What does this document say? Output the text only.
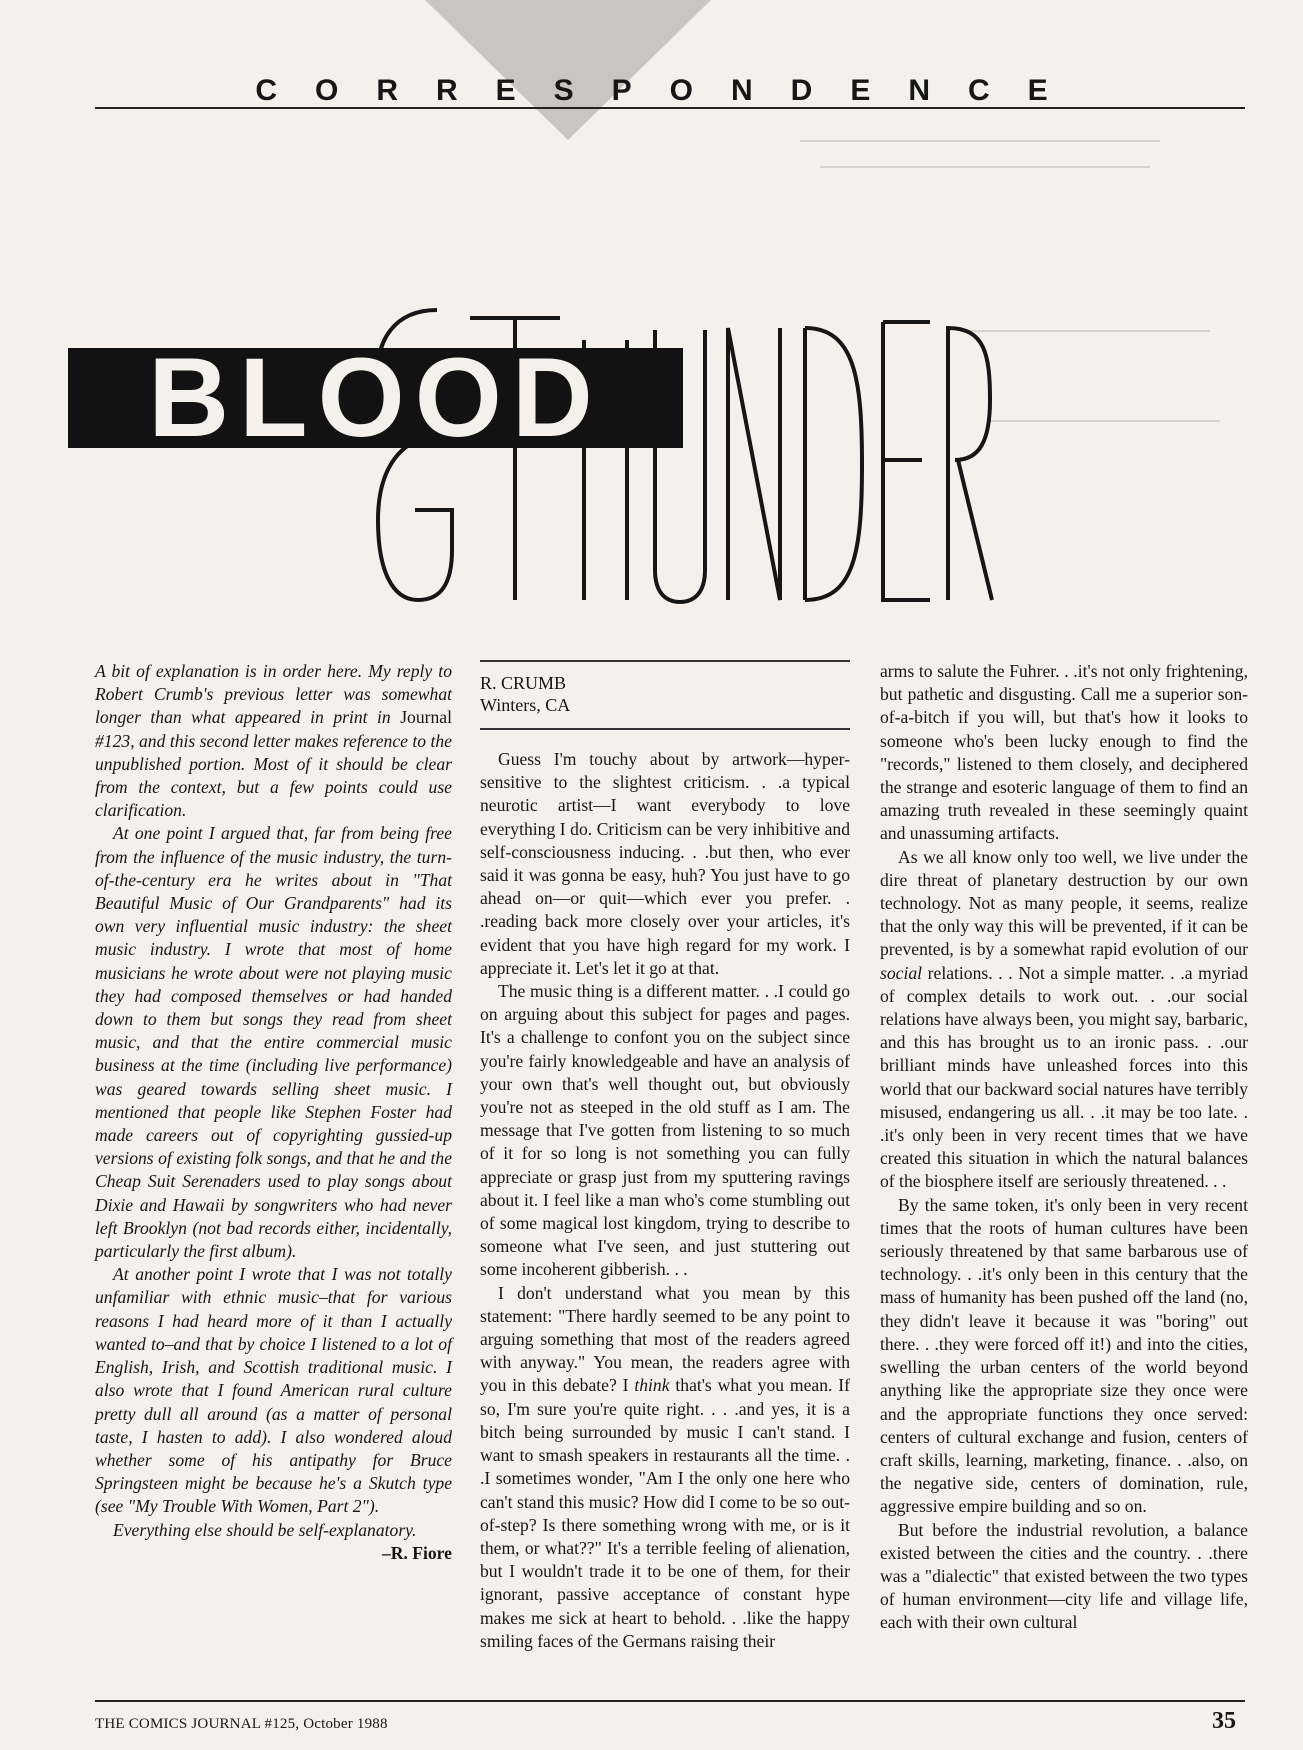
CORRESPONDENCE
BLOOD

A bit of explanation is in order here. My reply to Robert Crumb's previous letter was somewhat longer than what appeared in print in Journal #123, and this second letter makes reference to the unpublished portion. Most of it should be clear from the context, but a few points could use clarification.

At one point I argued that, far from being free from the influence of the music industry, the turn-of-the-century era he writes about in "That Beautiful Music of Our Grandparents" had its own very influential music industry: the sheet music industry. I wrote that most of home musicians he wrote about were not playing music they had composed themselves or had handed down to them but songs they read from sheet music, and that the entire commercial music business at the time (including live performance) was geared towards selling sheet music. I mentioned that people like Stephen Foster had made careers out of copyrighting gussied-up versions of existing folk songs, and that he and the Cheap Suit Serenaders used to play songs about Dixie and Hawaii by songwriters who had never left Brooklyn (not bad records either, incidentally, particularly the first album).

At another point I wrote that I was not totally unfamiliar with ethnic music–that for various reasons I had heard more of it than I actually wanted to–and that by choice I listened to a lot of English, Irish, and Scottish traditional music. I also wrote that I found American rural culture pretty dull all around (as a matter of personal taste, I hasten to add). I also wondered aloud whether some of his antipathy for Bruce Springsteen might be because he's a Skutch type (see "My Trouble With Women, Part 2").

Everything else should be self-explanatory.

–R. Fiore
R. CRUMB
Winters, CA

Guess I'm touchy about by artwork—hyper-sensitive to the slightest criticism. . .a typical neurotic artist—I want everybody to love everything I do. Criticism can be very inhibitive and self-consciousness inducing. . .but then, who ever said it was gonna be easy, huh? You just have to go ahead on—or quit—which ever you prefer. . .reading back more closely over your articles, it's evident that you have high regard for my work. I appreciate it. Let's let it go at that.

The music thing is a different matter. . .I could go on arguing about this subject for pages and pages. It's a challenge to confont you on the subject since you're fairly knowledgeable and have an analysis of your own that's well thought out, but obviously you're not as steeped in the old stuff as I am. The message that I've gotten from listening to so much of it for so long is not something you can fully appreciate or grasp just from my sputtering ravings about it. I feel like a man who's come stumbling out of some magical lost kingdom, trying to describe to someone what I've seen, and just stuttering out some incoherent gibberish. . .

I don't understand what you mean by this statement: "There hardly seemed to be any point to arguing something that most of the readers agreed with anyway." You mean, the readers agree with you in this debate? I think that's what you mean. If so, I'm sure you're quite right. . . .and yes, it is a bitch being surrounded by music I can't stand. I want to smash speakers in restaurants all the time. . .I sometimes wonder, "Am I the only one here who can't stand this music? How did I come to be so out-of-step? Is there something wrong with me, or is it them, or what??" It's a terrible feeling of alienation, but I wouldn't trade it to be one of them, for their ignorant, passive acceptance of constant hype makes me sick at heart to behold. . .like the happy smiling faces of the Germans raising their

arms to salute the Fuhrer. . .it's not only frightening, but pathetic and disgusting. Call me a superior son-of-a-bitch if you will, but that's how it looks to someone who's been lucky enough to find the "records," listened to them closely, and deciphered the strange and esoteric language of them to find an amazing truth revealed in these seemingly quaint and unassuming artifacts.

As we all know only too well, we live under the dire threat of planetary destruction by our own technology. Not as many people, it seems, realize that the only way this will be prevented, if it can be prevented, is by a somewhat rapid evolution of our social relations. . . Not a simple matter. . .a myriad of complex details to work out. . .our social relations have always been, you might say, barbaric, and this has brought us to an ironic pass. . .our brilliant minds have unleashed forces into this world that our backward social natures have terribly misused, endangering us all. . .it may be too late. . .it's only been in very recent times that we have created this situation in which the natural balances of the biosphere itself are seriously threatened. . .

By the same token, it's only been in very recent times that the roots of human cultures have been seriously threatened by that same barbarous use of technology. . .it's only been in this century that the mass of humanity has been pushed off the land (no, they didn't leave it because it was "boring" out there. . .they were forced off it!) and into the cities, swelling the urban centers of the world beyond anything like the appropriate size they once were and the appropriate functions they once served: centers of cultural exchange and fusion, centers of craft skills, learning, marketing, finance. . .also, on the negative side, centers of domination, rule, aggressive empire building and so on.

But before the industrial revolution, a balance existed between the cities and the country. . .there was a "dialectic" that existed between the two types of human environment—city life and village life, each with their own cultural

THE COMICS JOURNAL #125, October 1988	35
